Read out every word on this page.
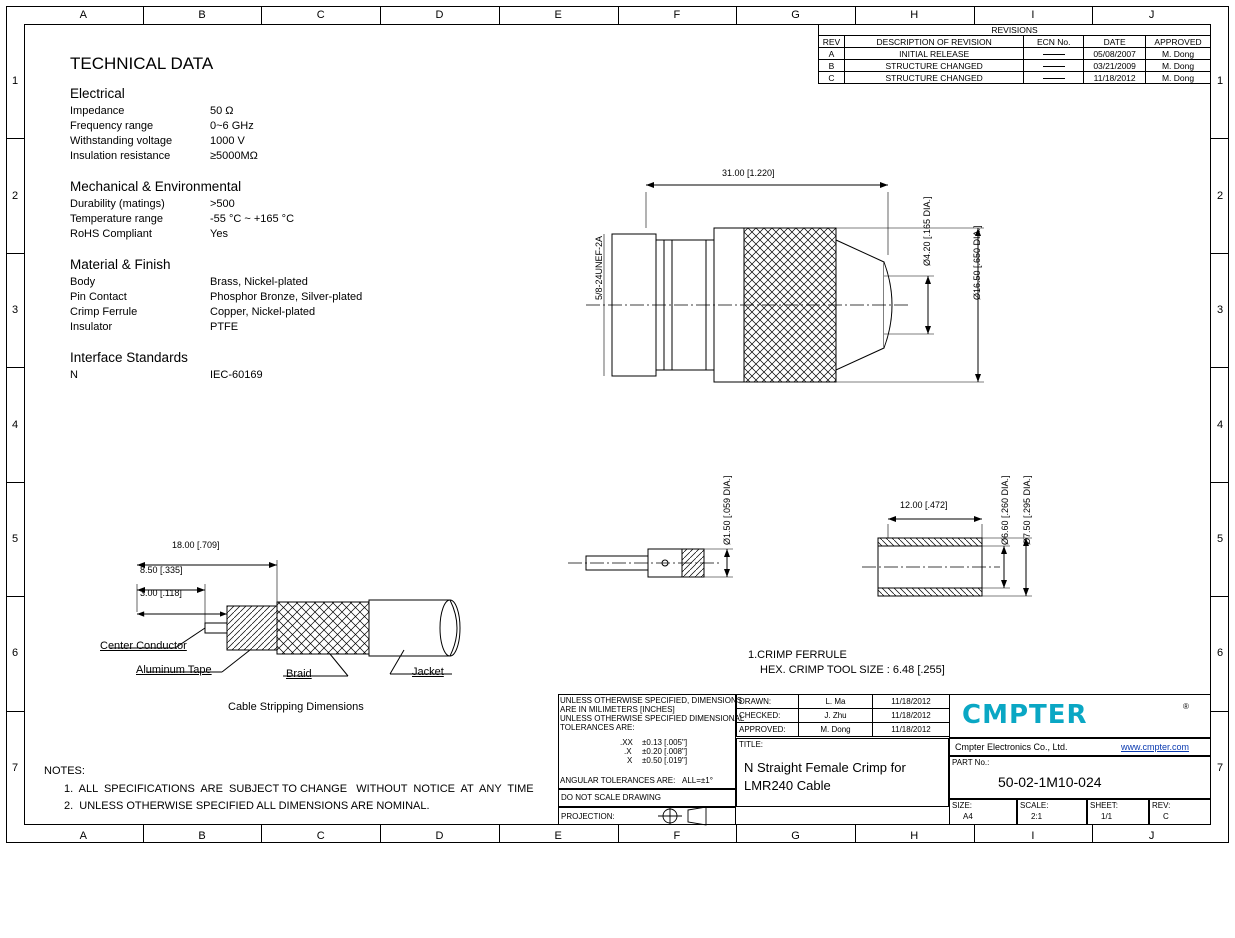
A	B	C	D	E	F	G	H	I	J
A	B	C	D	E	F	G	H	I	J
1
2
3
4
5
6
7
1
2
3
4
5
6
7
REVISIONS				
REV	DESCRIPTION OF REVISION	ECN No.	DATE	APPROVED
A	INITIAL RELEASE		05/08/2007	M. Dong
B	STRUCTURE CHANGED		03/21/2009	M. Dong
C	STRUCTURE CHANGED		11/18/2012	M. Dong
TECHNICAL DATA
Electrical
Impedance	50 Ω
Frequency range	0~6 GHz
Withstanding voltage	1000 V
Insulation resistance	≥5000MΩ
Mechanical & Environmental
Durability (matings)	>500
Temperature range	-55 °C ~ +165 °C
RoHS Compliant	Yes
Material & Finish
Body	Brass, Nickel-plated
Pin Contact	Phosphor Bronze, Silver-plated
Crimp Ferrule	Copper, Nickel-plated
Insulator	PTFE
Interface Standards
N	IEC-60169
31.00 [1.220]
5/8-24UNEF-2A
Ø4.20 [.165 DIA.]	Ø16.50 [.650 DIA.]
Ø1.50 [.059 DIA.]	12.00 [.472]	Ø6.60 [.260 DIA.] Ø7.50 [.295 DIA.]
18.00 [.709]
8.50 [.335]
3.00 [.118]
Center Conductor
Aluminum Tape	Braid	Jacket
Cable Stripping Dimensions
1.CRIMP FERRULE
HEX. CRIMP TOOL SIZE : 6.48 [.255]
NOTES:
1.  ALL  SPECIFICATIONS  ARE  SUBJECT TO CHANGE   WITHOUT  NOTICE  AT  ANY  TIME
2.  UNLESS OTHERWISE SPECIFIED ALL DIMENSIONS ARE NOMINAL.
UNLESS OTHERWISE SPECIFIED, DIMENSIONS
ARE IN MILIMETERS [INCHES]
UNLESS OTHERWISE SPECIFIED DIMENSIONAL
TOLERANCES ARE:
.XX ±0.13 [.005"]
.X ±0.20 [.008"]
X ±0.50 [.019"]
ANGULAR TOLERANCES ARE: ALL=±1°
DO NOT SCALE DRAWING
PROJECTION:
DRAWN:	L. Ma	11/18/2012
CHECKED:	J. Zhu	11/18/2012
APPROVED:	M. Dong	11/18/2012
TITLE:
N Straight Female Crimp for
LMR240 Cable
CMPTER	®
Cmpter Electronics Co., Ltd.	www.cmpter.com
PART No.:
50-02-1M10-024
SIZE:
A4
SCALE:
2:1
SHEET:
1/1
REV:
C
